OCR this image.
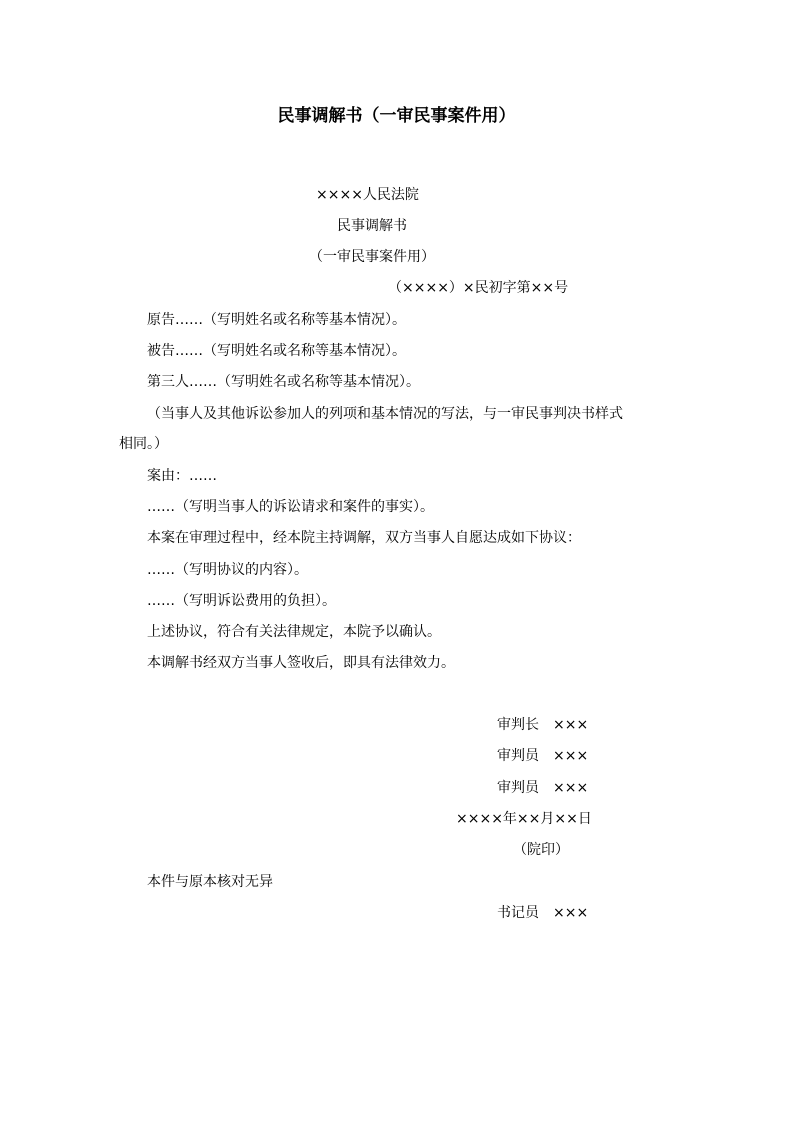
民事调解书（一审民事案件用）
××××人民法院
民事调解书
（一审民事案件用）
（××××）×民初字第××号
原告……（写明姓名或名称等基本情况）。
被告……（写明姓名或名称等基本情况）。
第三人……（写明姓名或名称等基本情况）。
（当事人及其他诉讼参加人的列项和基本情况的写法，与一审民事判决书样式
相同。）
案由：……
……（写明当事人的诉讼请求和案件的事实）。
本案在审理过程中，经本院主持调解，双方当事人自愿达成如下协议：
……（写明协议的内容）。
……（写明诉讼费用的负担）。
上述协议，符合有关法律规定，本院予以确认。
本调解书经双方当事人签收后，即具有法律效力。
审判长 ×××
审判员 ×××
审判员 ×××
××××年××月××日
（院印）
本件与原本核对无异
书记员 ×××
